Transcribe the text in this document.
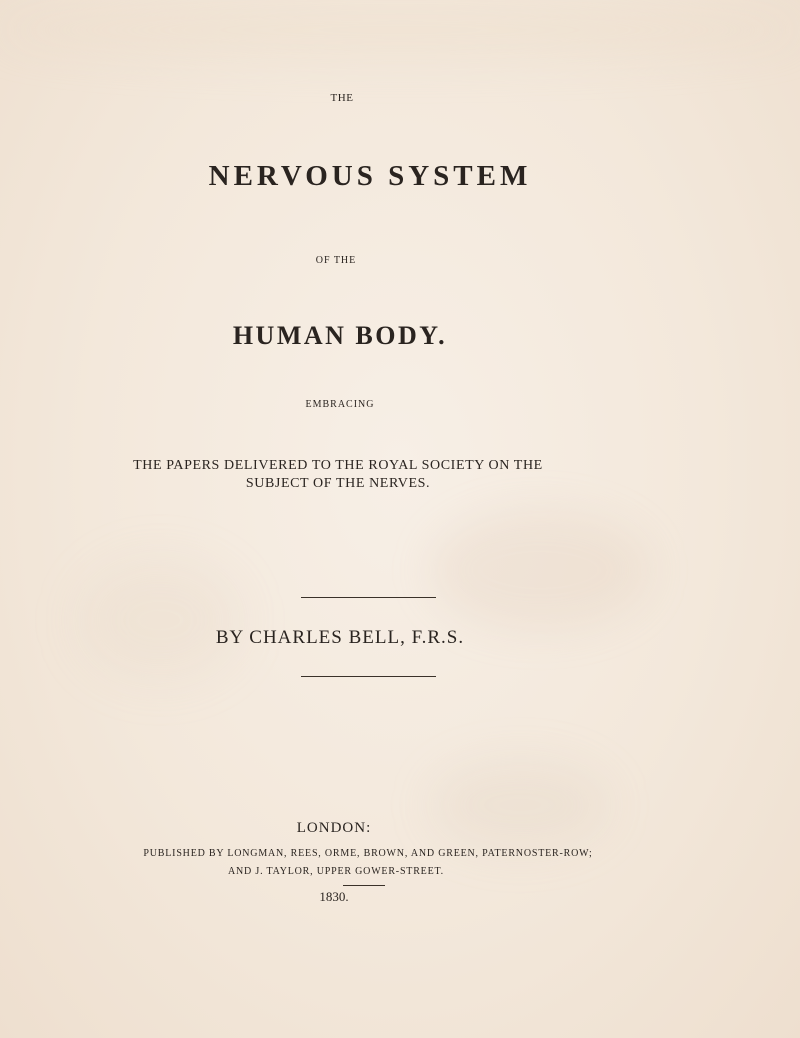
THE

NERVOUS SYSTEM

OF THE

HUMAN BODY.

EMBRACING

THE PAPERS DELIVERED TO THE ROYAL SOCIETY ON THE
SUBJECT OF THE NERVES.

BY CHARLES BELL, F.R.S.

LONDON:

PUBLISHED BY LONGMAN, REES, ORME, BROWN, AND GREEN, PATERNOSTER-ROW;

AND J. TAYLOR, UPPER GOWER-STREET.

1830.
